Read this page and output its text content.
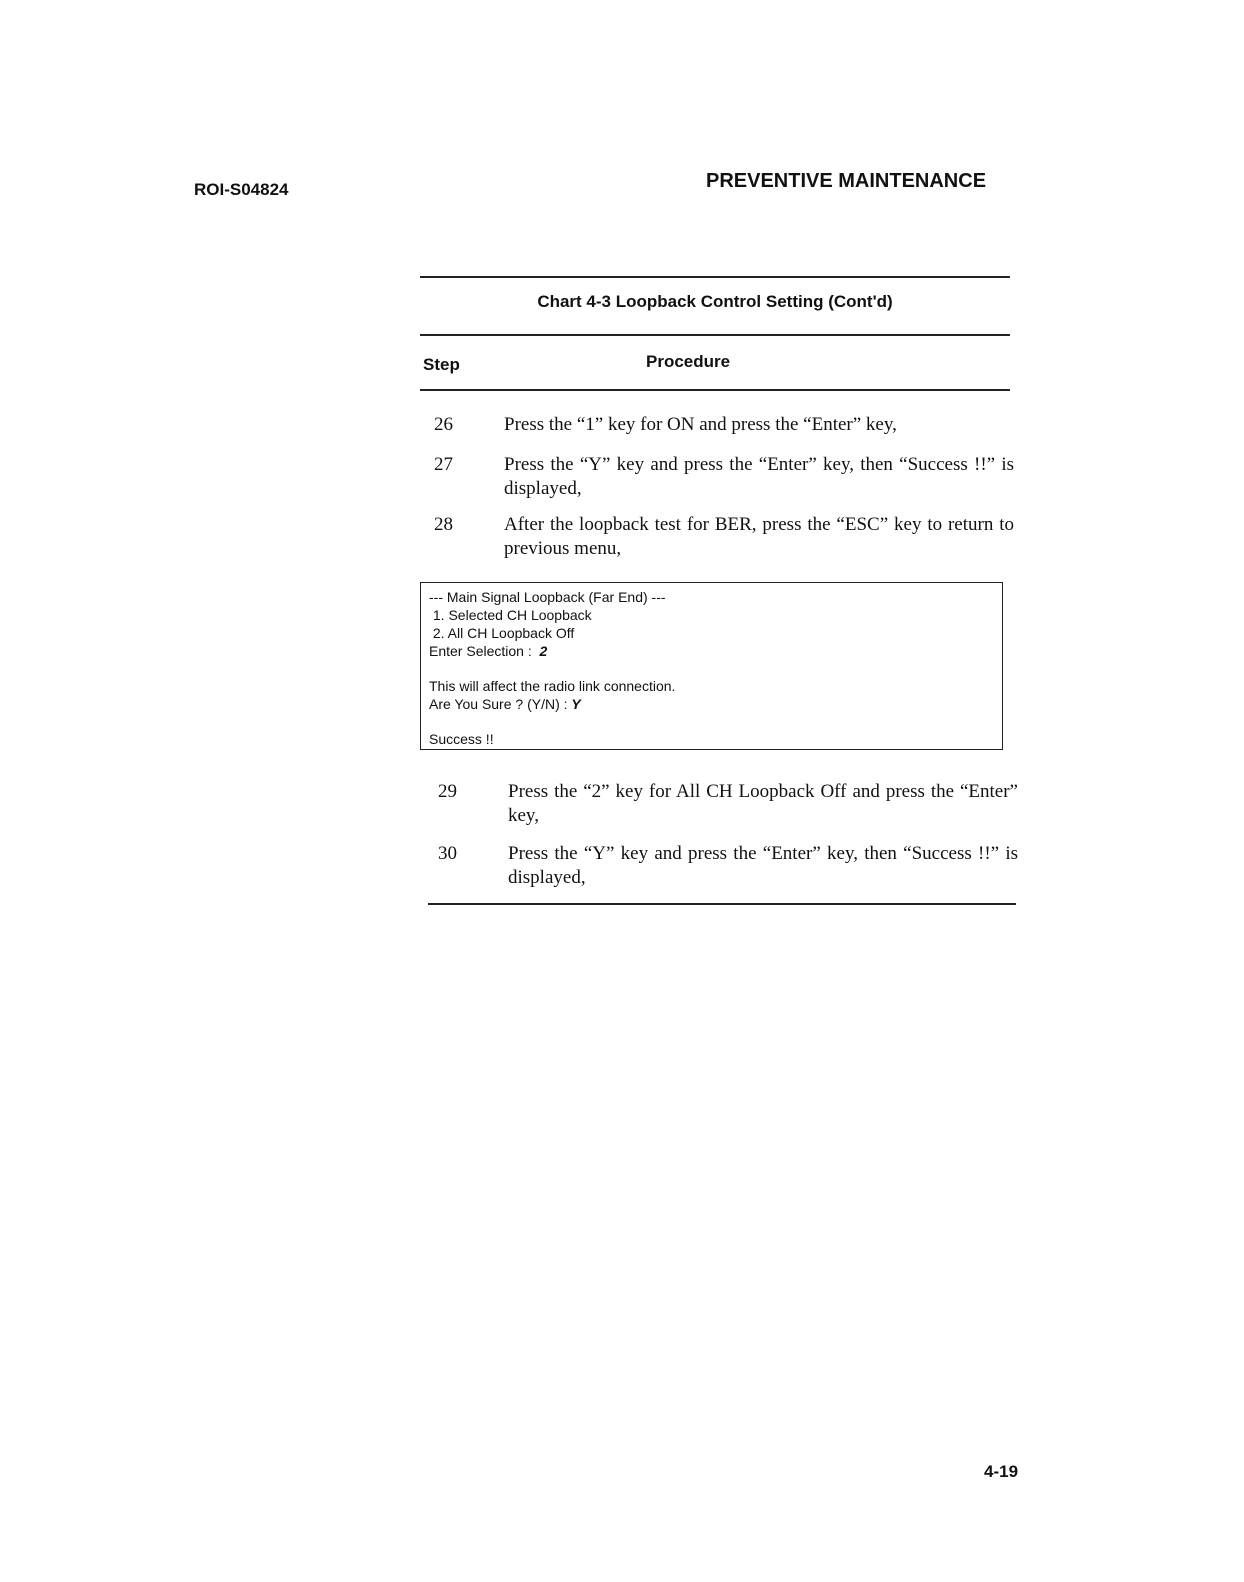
ROI-S04824	PREVENTIVE MAINTENANCE
Chart 4-3 Loopback Control Setting (Cont'd)
Step	Procedure
26	Press the “1” key for ON and press the “Enter” key,
27	Press the “Y” key and press the “Enter” key, then “Success !!” is displayed,
28	After the loopback test for BER, press the “ESC” key to return to previous menu,
--- Main Signal Loopback (Far End) ---
1. Selected CH Loopback
2. All CH Loopback Off
Enter Selection :  2
This will affect the radio link connection.
Are You Sure ? (Y/N) : Y
Success !!
29	Press the “2” key for All CH Loopback Off and press the “Enter” key,
30	Press the “Y” key and press the “Enter” key, then “Success !!” is displayed,
4-19
